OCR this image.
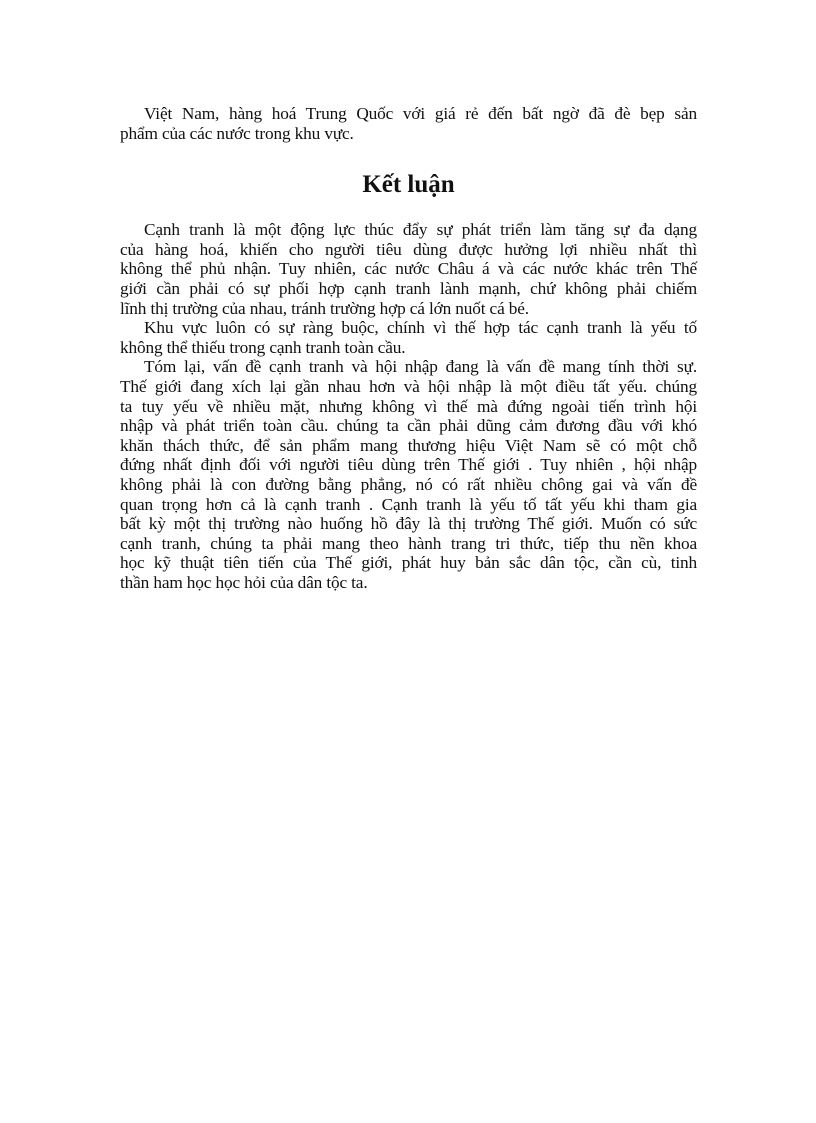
Việt Nam, hàng hoá Trung Quốc với giá rẻ đến bất ngờ đã đè bẹp sản
phẩm của các nước trong khu vực.
Kết luận
Cạnh tranh là một động lực thúc đẩy sự phát triển làm tăng sự đa dạng
của hàng hoá, khiến cho người tiêu dùng được hưởng lợi nhiều nhất thì
không thể phủ nhận. Tuy nhiên, các nước Châu á và các nước khác trên Thế
giới cần phải có sự phối hợp cạnh tranh lành mạnh, chứ không phải chiếm
lĩnh thị trường của nhau, tránh trường hợp cá lớn nuốt cá bé.
Khu vực luôn có sự ràng buộc, chính vì thế hợp tác cạnh tranh là yếu tố
không thể thiếu trong cạnh tranh toàn cầu.
Tóm lại, vấn đề cạnh tranh và hội nhập đang là vấn đề mang tính thời sự.
Thế giới đang xích lại gần nhau hơn và hội nhập là một điều tất yếu. chúng
ta tuy yếu về nhiều mặt, nhưng không vì thế mà đứng ngoài tiến trình hội
nhập và phát triển toàn cầu. chúng ta cần phải dũng cảm đương đầu với khó
khăn thách thức, để sản phẩm mang thương hiệu Việt Nam sẽ có một chỗ
đứng nhất định đối với người tiêu dùng trên Thế giới . Tuy nhiên , hội nhập
không phải là con đường bằng phẳng, nó có rất nhiều chông gai và vấn đề
quan trọng hơn cả là cạnh tranh . Cạnh tranh là yếu tố tất yếu khi tham gia
bất kỳ một thị trường nào huống hồ đây là thị trường Thế giới. Muốn có sức
cạnh tranh, chúng ta phải mang theo hành trang tri thức, tiếp thu nền khoa
học kỹ thuật tiên tiến của Thế giới, phát huy bản sắc dân tộc, cần cù, tinh
thần ham học học hỏi của dân tộc ta.
